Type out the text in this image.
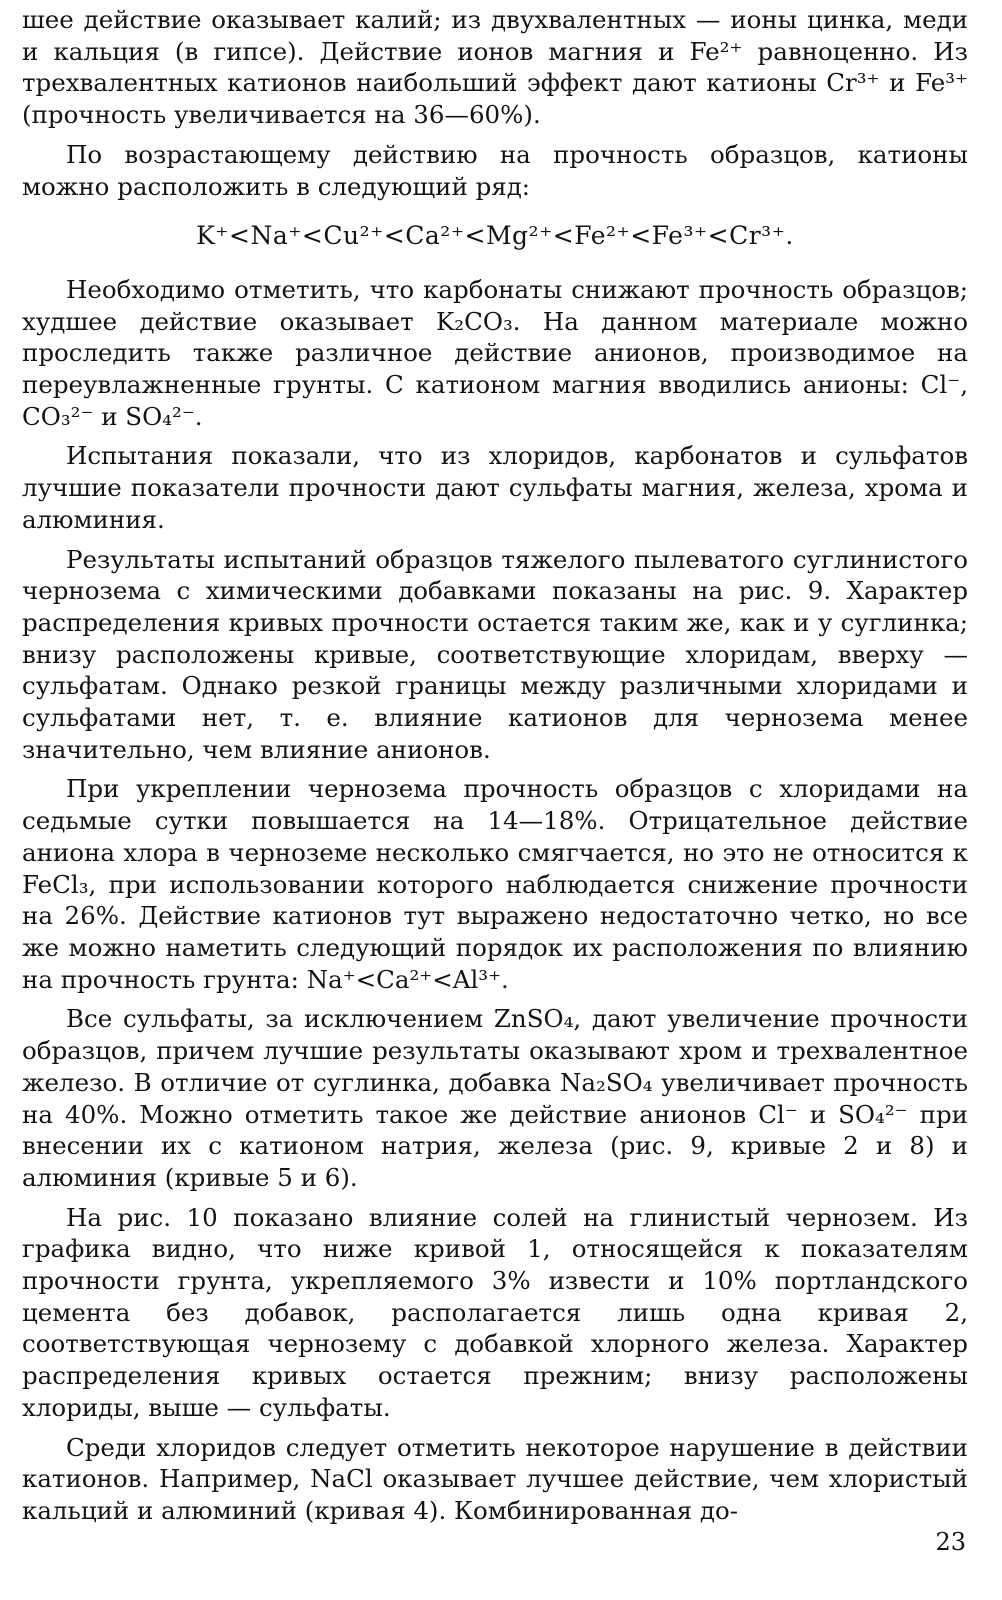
шее действие оказывает калий; из двухвалентных — ионы цинка, меди и кальция (в гипсе). Действие ионов магния и Fe²⁺ равноценно. Из трехвалентных катионов наибольший эффект дают катионы Cr³⁺ и Fe³⁺ (прочность увеличивается на 36—60%).

По возрастающему действию на прочность образцов, катионы можно расположить в следующий ряд:

K⁺<Na⁺<Cu²⁺<Ca²⁺<Mg²⁺<Fe²⁺<Fe³⁺<Cr³⁺.

Необходимо отметить, что карбонаты снижают прочность образцов; худшее действие оказывает K₂CO₃. На данном материале можно проследить также различное действие анионов, производимое на переувлажненные грунты. С катионом магния вводились анионы: Cl⁻, CO₃²⁻ и SO₄²⁻.

Испытания показали, что из хлоридов, карбонатов и сульфатов лучшие показатели прочности дают сульфаты магния, железа, хрома и алюминия.

Результаты испытаний образцов тяжелого пылеватого суглинистого чернозема с химическими добавками показаны на рис. 9. Характер распределения кривых прочности остается таким же, как и у суглинка; внизу расположены кривые, соответствующие хлоридам, вверху — сульфатам. Однако резкой границы между различными хлоридами и сульфатами нет, т. е. влияние катионов для чернозема менее значительно, чем влияние анионов.

При укреплении чернозема прочность образцов с хлоридами на седьмые сутки повышается на 14—18%. Отрицательное действие аниона хлора в черноземе несколько смягчается, но это не относится к FeCl₃, при использовании которого наблюдается снижение прочности на 26%. Действие катионов тут выражено недостаточно четко, но все же можно наметить следующий порядок их расположения по влиянию на прочность грунта: Na⁺<Ca²⁺<Al³⁺.

Все сульфаты, за исключением ZnSO₄, дают увеличение прочности образцов, причем лучшие результаты оказывают хром и трехвалентное железо. В отличие от суглинка, добавка Na₂SO₄ увеличивает прочность на 40%. Можно отметить такое же действие анионов Cl⁻ и SO₄²⁻ при внесении их с катионом натрия, железа (рис. 9, кривые 2 и 8) и алюминия (кривые 5 и 6).

На рис. 10 показано влияние солей на глинистый чернозем. Из графика видно, что ниже кривой 1, относящейся к показателям прочности грунта, укрепляемого 3% извести и 10% портландского цемента без добавок, располагается лишь одна кривая 2, соответствующая чернозему с добавкой хлорного железа. Характер распределения кривых остается прежним; внизу расположены хлориды, выше — сульфаты.

Среди хлоридов следует отметить некоторое нарушение в действии катионов. Например, NaCl оказывает лучшее действие, чем хлористый кальций и алюминий (кривая 4). Комбинированная до-

23
